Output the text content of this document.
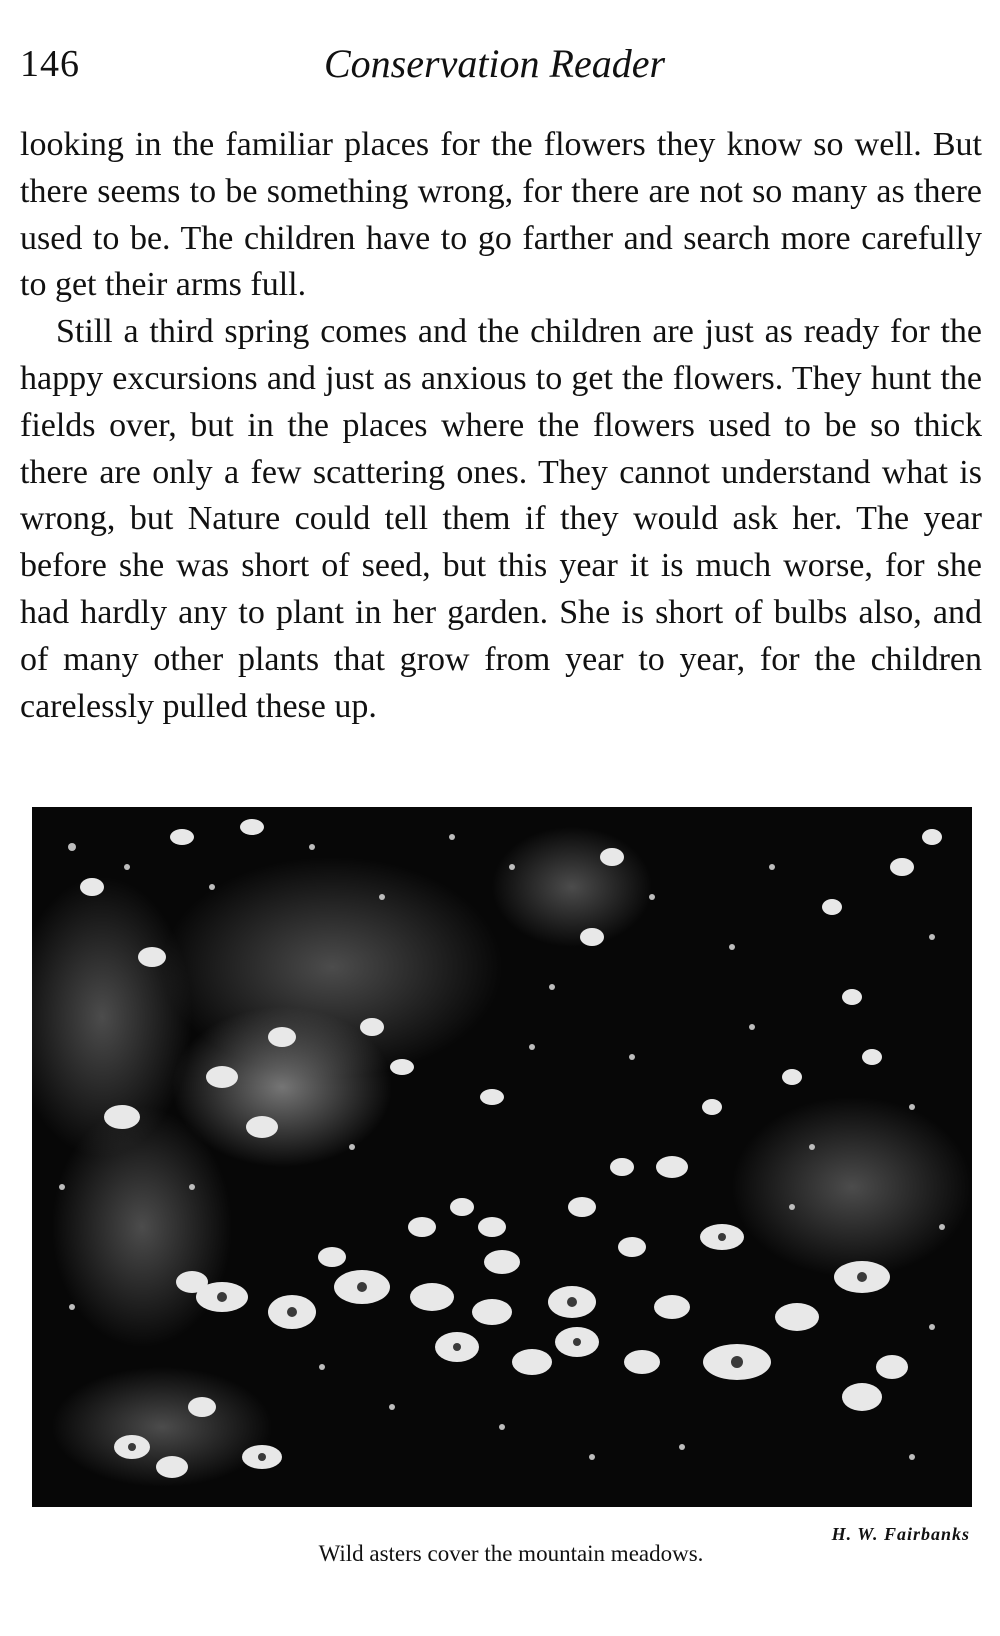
146	Conservation Reader

looking in the familiar places for the flowers they know so well. But there seems to be something wrong, for there are not so many as there used to be. The children have to go farther and search more carefully to get their arms full.

Still a third spring comes and the children are just as ready for the happy excursions and just as anxious to get the flowers. They hunt the fields over, but in the places where the flowers used to be so thick there are only a few scattering ones. They cannot understand what is wrong, but Nature could tell them if they would ask her. The year before she was short of seed, but this year it is much worse, for she had hardly any to plant in her garden. She is short of bulbs also, and of many other plants that grow from year to year, for the children carelessly pulled these up.

H. W. Fairbanks
Wild asters cover the mountain meadows.
